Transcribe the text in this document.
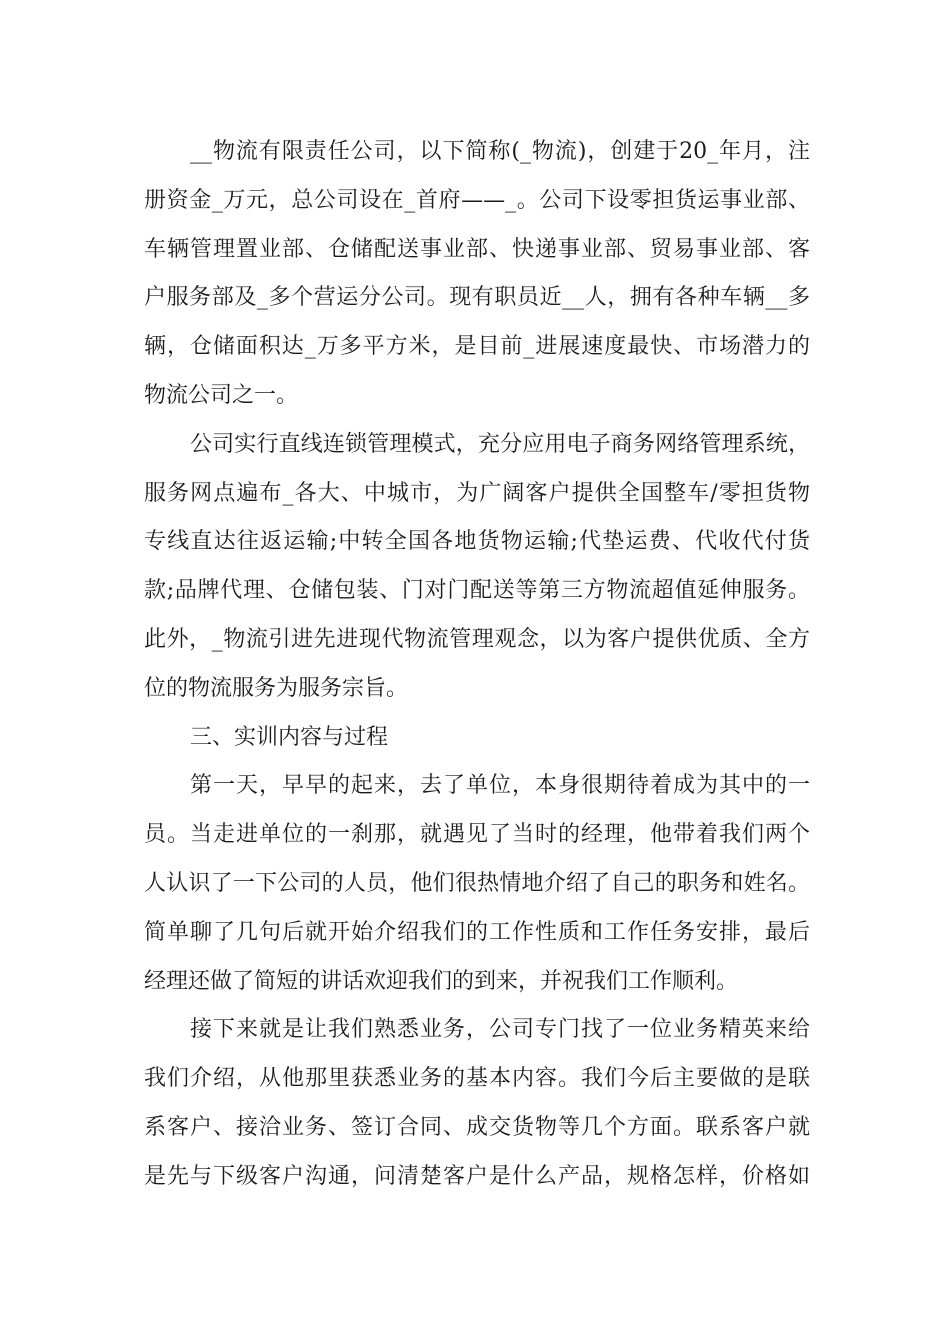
__物流有限责任公司，以下简称(_物流)，创建于20_年月，注
册资金_万元，总公司设在_首府——_。公司下设零担货运事业部、
车辆管理置业部、仓储配送事业部、快递事业部、贸易事业部、客
户服务部及_多个营运分公司。现有职员近__人，拥有各种车辆__多
辆，仓储面积达_万多平方米，是目前_进展速度最快、市场潜力的
物流公司之一。
公司实行直线连锁管理模式，充分应用电子商务网络管理系统，
服务网点遍布_各大、中城市，为广阔客户提供全国整车/零担货物
专线直达往返运输;中转全国各地货物运输;代垫运费、代收代付货
款;品牌代理、仓储包装、门对门配送等第三方物流超值延伸服务。
此外，_物流引进先进现代物流管理观念，以为客户提供优质、全方
位的物流服务为服务宗旨。
三、实训内容与过程
第一天，早早的起来，去了单位，本身很期待着成为其中的一
员。当走进单位的一刹那，就遇见了当时的经理，他带着我们两个
人认识了一下公司的人员，他们很热情地介绍了自己的职务和姓名。
简单聊了几句后就开始介绍我们的工作性质和工作任务安排，最后
经理还做了简短的讲话欢迎我们的到来，并祝我们工作顺利。
接下来就是让我们熟悉业务，公司专门找了一位业务精英来给
我们介绍，从他那里获悉业务的基本内容。我们今后主要做的是联
系客户、接洽业务、签订合同、成交货物等几个方面。联系客户就
是先与下级客户沟通，问清楚客户是什么产品，规格怎样，价格如
